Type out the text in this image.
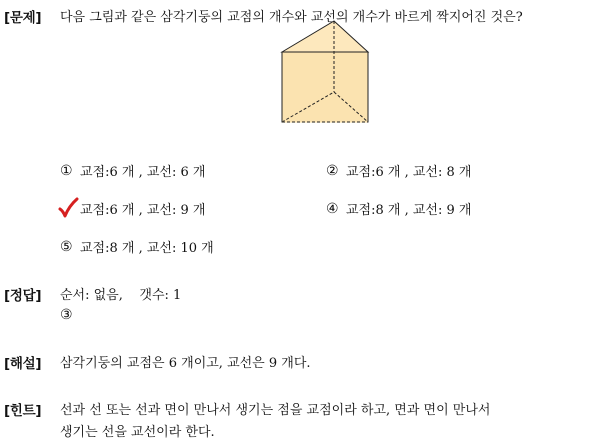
[문제] 다음 그림과 같은 삼각기둥의 교점의 개수와 교선의 개수가 바르게 짝지어진 것은?
① 교점:6 개 , 교선: 6 개	② 교점:6 개 , 교선: 8 개
교점:6 개 , 교선: 9 개	④ 교점:8 개 , 교선: 9 개
⑤ 교점:8 개 , 교선: 10 개
[정답] 순서: 없음,    갯수: 1
③
[해설] 삼각기둥의 교점은 6 개이고, 교선은 9 개다.
[힌트] 선과 선 또는 선과 면이 만나서 생기는 점을 교점이라 하고, 면과 면이 만나서
생기는 선을 교선이라 한다.
